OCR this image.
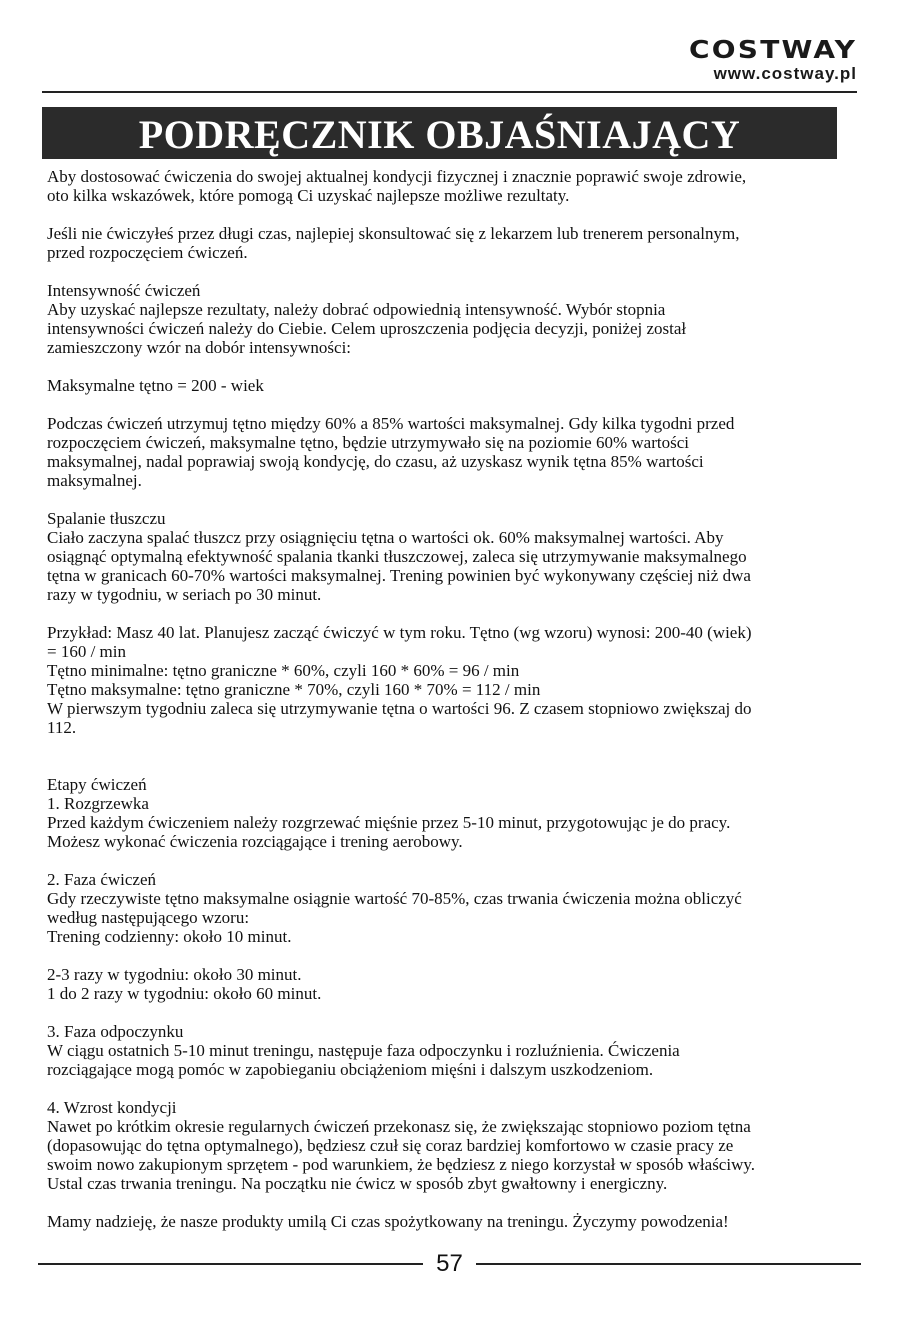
COSTWAY
www.costway.pl
PODRĘCZNIK OBJAŚNIAJĄCY

Aby dostosować ćwiczenia do swojej aktualnej kondycji fizycznej i znacznie poprawić swoje zdrowie,
oto kilka wskazówek, które pomogą Ci uzyskać najlepsze możliwe rezultaty.

Jeśli nie ćwiczyłeś przez długi czas, najlepiej skonsultować się z lekarzem lub trenerem personalnym,
przed rozpoczęciem ćwiczeń.

Intensywność ćwiczeń
Aby uzyskać najlepsze rezultaty, należy dobrać odpowiednią intensywność. Wybór stopnia
intensywności ćwiczeń należy do Ciebie. Celem uproszczenia podjęcia decyzji, poniżej został
zamieszczony wzór na dobór intensywności:

Maksymalne tętno = 200 - wiek

Podczas ćwiczeń utrzymuj tętno między 60% a 85% wartości maksymalnej. Gdy kilka tygodni przed
rozpoczęciem ćwiczeń, maksymalne tętno, będzie utrzymywało się na poziomie 60% wartości
maksymalnej, nadal poprawiaj swoją kondycję, do czasu, aż uzyskasz wynik tętna 85% wartości
maksymalnej.

Spalanie tłuszczu
Ciało zaczyna spalać tłuszcz przy osiągnięciu tętna o wartości ok. 60% maksymalnej wartości. Aby
osiągnąć optymalną efektywność spalania tkanki tłuszczowej, zaleca się utrzymywanie maksymalnego
tętna w granicach 60-70% wartości maksymalnej. Trening powinien być wykonywany częściej niż dwa
razy w tygodniu, w seriach po 30 minut.

Przykład: Masz 40 lat. Planujesz zacząć ćwiczyć w tym roku. Tętno (wg wzoru) wynosi: 200-40 (wiek)
= 160 / min
Tętno minimalne: tętno graniczne * 60%, czyli 160 * 60% = 96 / min
Tętno maksymalne: tętno graniczne * 70%, czyli 160 * 70% = 112 / min
W pierwszym tygodniu zaleca się utrzymywanie tętna o wartości 96. Z czasem stopniowo zwiększaj do
112.

Etapy ćwiczeń
1. Rozgrzewka
Przed każdym ćwiczeniem należy rozgrzewać mięśnie przez 5-10 minut, przygotowując je do pracy.
Możesz wykonać ćwiczenia rozciągające i trening aerobowy.

2. Faza ćwiczeń
Gdy rzeczywiste tętno maksymalne osiągnie wartość 70-85%, czas trwania ćwiczenia można obliczyć
według następującego wzoru:
Trening codzienny: około 10 minut.

2-3 razy w tygodniu: około 30 minut.
1 do 2 razy w tygodniu: około 60 minut.

3. Faza odpoczynku
W ciągu ostatnich 5-10 minut treningu, następuje faza odpoczynku i rozluźnienia. Ćwiczenia
rozciągające mogą pomóc w zapobieganiu obciążeniom mięśni i dalszym uszkodzeniom.

4. Wzrost kondycji
Nawet po krótkim okresie regularnych ćwiczeń przekonasz się, że zwiększając stopniowo poziom tętna
(dopasowując do tętna optymalnego), będziesz czuł się coraz bardziej komfortowo w czasie pracy ze
swoim nowo zakupionym sprzętem - pod warunkiem, że będziesz z niego korzystał w sposób właściwy.
Ustal czas trwania treningu. Na początku nie ćwicz w sposób zbyt gwałtowny i energiczny.

Mamy nadzieję, że nasze produkty umilą Ci czas spożytkowany na treningu. Życzymy powodzenia!

57
